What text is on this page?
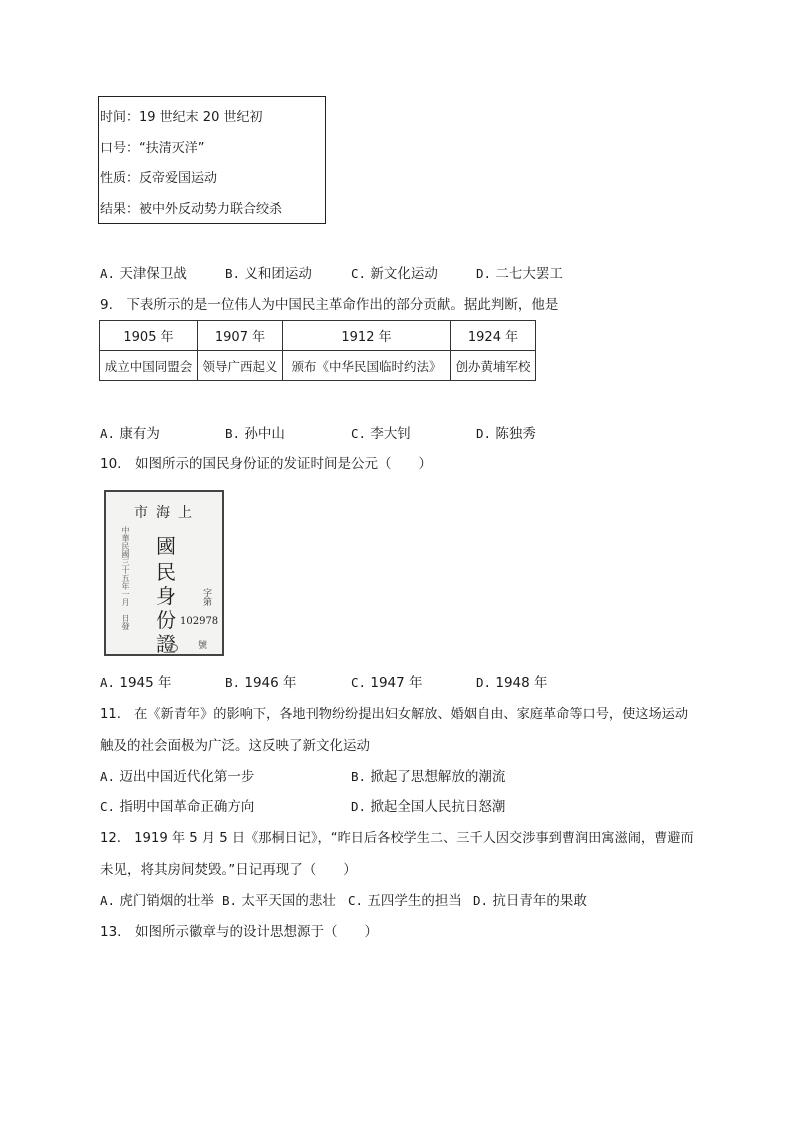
时间：19 世纪末 20 世纪初
口号：“扶清灭洋”
性质：反帝爱国运动
结果：被中外反动势力联合绞杀
A. 天津保卫战	B. 义和团运动	C. 新文化运动	D. 二七大罢工
9.　下表所示的是一位伟人为中国民主革命作出的部分贡献。据此判断，他是
1905 年	1907 年	1912 年	1924 年
成立中国同盟会	领导广西起义	颁布《中华民国临时约法》	创办黄埔军校
A. 康有为	B. 孙中山	C. 李大钊	D. 陈独秀
10.　如图所示的国民身份证的发证时间是公元（　　）
市海上
國
民
身
份
證
中華民國三十五年一月　日發	字第
102978
號
A. 1945 年	B. 1946 年	C. 1947 年	D. 1948 年
11.　在《新青年》的影响下，各地刊物纷纷提出妇女解放、婚姻自由、家庭革命等口号，使这场运动
触及的社会面极为广泛。这反映了新文化运动
A. 迈出中国近代化第一步	B. 掀起了思想解放的潮流
C. 指明中国革命正确方向	D. 掀起全国人民抗日怒潮
12.　1919 年 5 月 5 日《那桐日记》，“昨日后各校学生二、三千人因交涉事到曹润田寓滋闹，曹避而
未见，将其房间焚毁。”日记再现了（　　）
A. 虎门销烟的壮举 B. 太平天国的悲壮 C. 五四学生的担当 D. 抗日青年的果敢
13.　如图所示徽章与的设计思想源于（　　）
